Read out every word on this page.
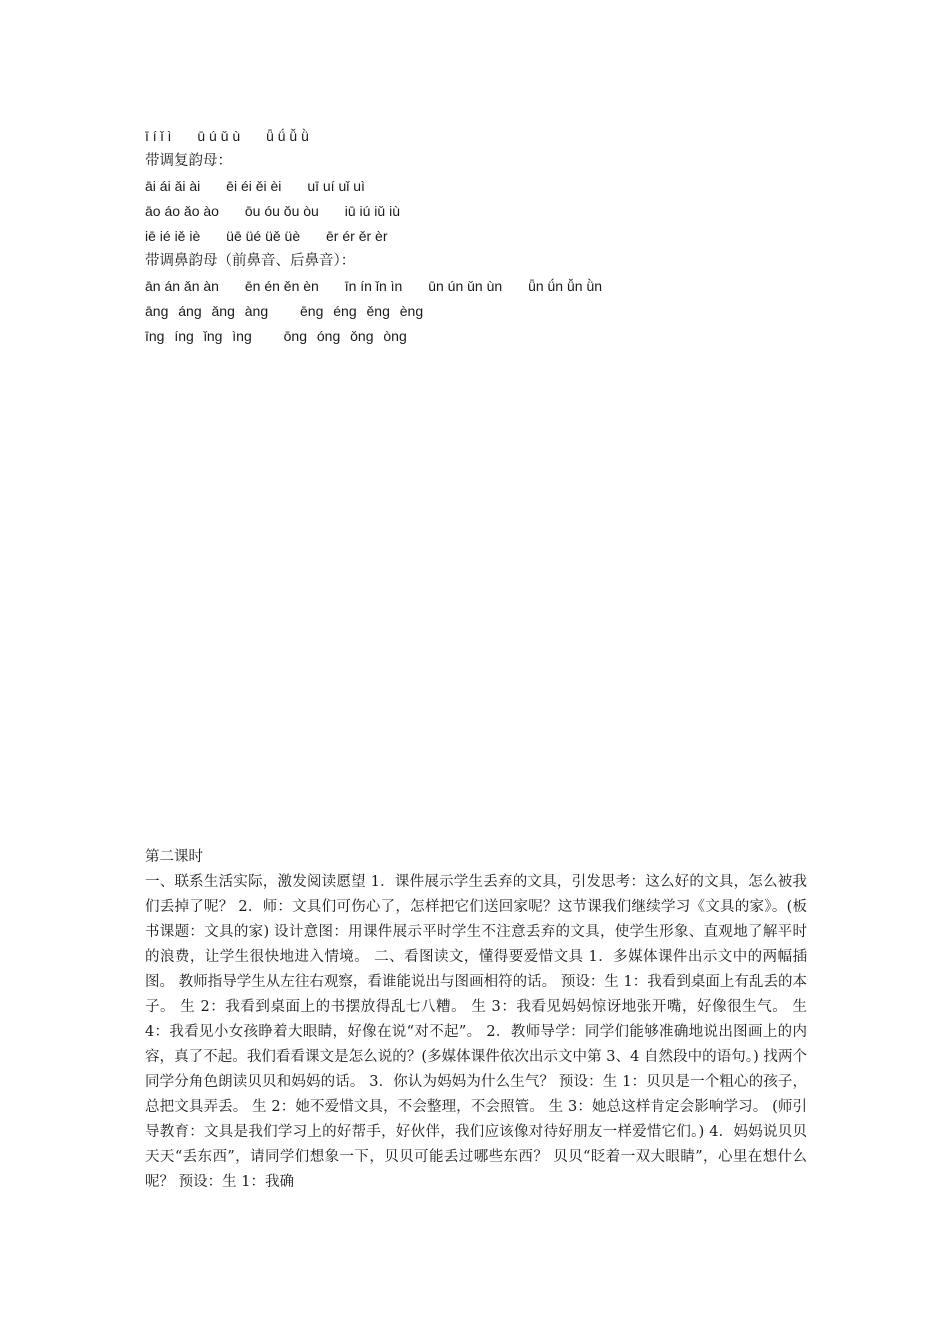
ī í ǐ ì ū ú ǔ ù ǖ ǘ ǚ ǜ
带调复韵母：
āi ái ǎi ài ēi éi ěi èi uī uí uǐ uì
āo áo ǎo ào ōu óu ǒu òu iū iú iǔ iù
iē ié iě iè üē üé üě üè ēr ér ěr èr
带调鼻韵母（前鼻音、后鼻音）：
ān án ǎn àn ēn én ěn èn īn ín ǐn ìn ūn ún ǔn ùn ǖn ǘn ǚn ǜn
āng áng ǎng àng ēng éng ěng èng
īng íng ǐng ìng ōng óng ǒng òng
第二课时

一、联系生活实际，激发阅读愿望 1．课件展示学生丢弃的文具，引发思考：这么好的文具，怎么被我们丢掉了呢？ 2．师：文具们可伤心了，怎样把它们送回家呢？这节课我们继续学习《文具的家》。(板书课题：文具的家) 设计意图：用课件展示平时学生不注意丢弃的文具，使学生形象、直观地了解平时的浪费，让学生很快地进入情境。 二、看图读文，懂得要爱惜文具 1．多媒体课件出示文中的两幅插图。 教师指导学生从左往右观察，看谁能说出与图画相符的话。 预设：生 1：我看到桌面上有乱丢的本子。 生 2：我看到桌面上的书摆放得乱七八糟。 生 3：我看见妈妈惊讶地张开嘴，好像很生气。 生 4：我看见小女孩睁着大眼睛，好像在说“对不起”。 2．教师导学：同学们能够准确地说出图画上的内容，真了不起。我们看看课文是怎么说的？(多媒体课件依次出示文中第 3、4 自然段中的语句。) 找两个同学分角色朗读贝贝和妈妈的话。 3．你认为妈妈为什么生气？ 预设：生 1：贝贝是一个粗心的孩子，总把文具弄丢。 生 2：她不爱惜文具，不会整理，不会照管。 生 3：她总这样肯定会影响学习。 (师引导教育：文具是我们学习上的好帮手，好伙伴，我们应该像对待好朋友一样爱惜它们。) 4．妈妈说贝贝天天“丢东西”，请同学们想象一下，贝贝可能丢过哪些东西？ 贝贝“眨着一双大眼睛”，心里在想什么呢？ 预设：生 1：我确
